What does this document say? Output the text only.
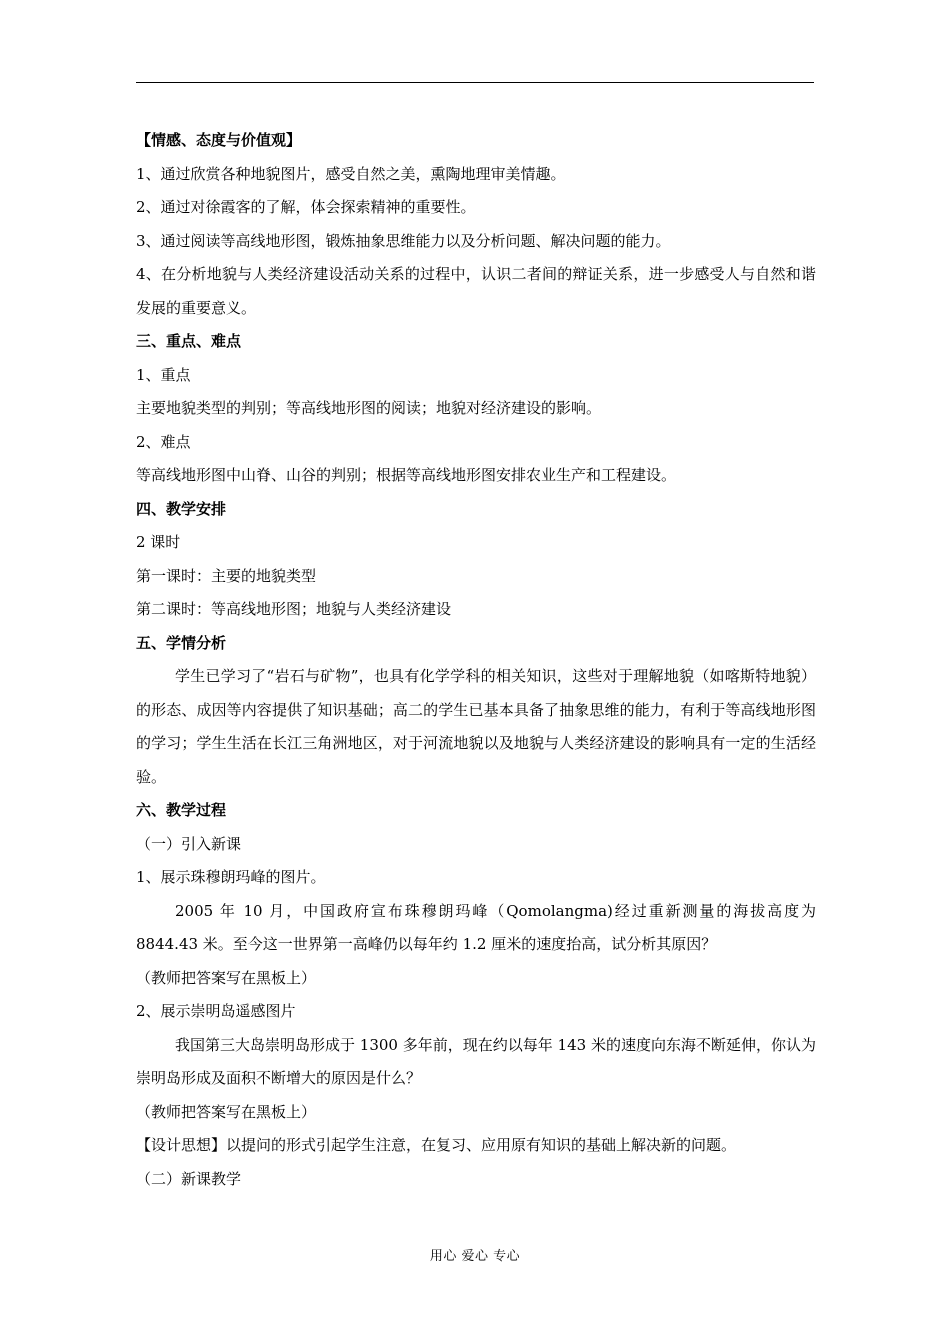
【情感、态度与价值观】

1、通过欣赏各种地貌图片，感受自然之美，熏陶地理审美情趣。

2、通过对徐霞客的了解，体会探索精神的重要性。

3、通过阅读等高线地形图，锻炼抽象思维能力以及分析问题、解决问题的能力。

4、在分析地貌与人类经济建设活动关系的过程中，认识二者间的辩证关系，进一步感受人与自然和谐发展的重要意义。

三、重点、难点

1、重点

主要地貌类型的判别；等高线地形图的阅读；地貌对经济建设的影响。

2、难点

等高线地形图中山脊、山谷的判别；根据等高线地形图安排农业生产和工程建设。

四、教学安排

2 课时

第一课时：主要的地貌类型

第二课时：等高线地形图；地貌与人类经济建设

五、学情分析

学生已学习了“岩石与矿物”，也具有化学学科的相关知识，这些对于理解地貌（如喀斯特地貌）的形态、成因等内容提供了知识基础；高二的学生已基本具备了抽象思维的能力，有利于等高线地形图的学习；学生生活在长江三角洲地区，对于河流地貌以及地貌与人类经济建设的影响具有一定的生活经验。

六、教学过程

（一）引入新课

1、展示珠穆朗玛峰的图片。

2005 年 10 月，中国政府宣布珠穆朗玛峰（Qomolangma)经过重新测量的海拔高度为 8844.43 米。至今这一世界第一高峰仍以每年约 1.2 厘米的速度抬高，试分析其原因？

（教师把答案写在黑板上）

2、展示崇明岛遥感图片

我国第三大岛崇明岛形成于 1300 多年前，现在约以每年 143 米的速度向东海不断延伸，你认为崇明岛形成及面积不断增大的原因是什么？

（教师把答案写在黑板上）

【设计思想】以提问的形式引起学生注意，在复习、应用原有知识的基础上解决新的问题。

（二）新课教学

用心 爱心 专心
